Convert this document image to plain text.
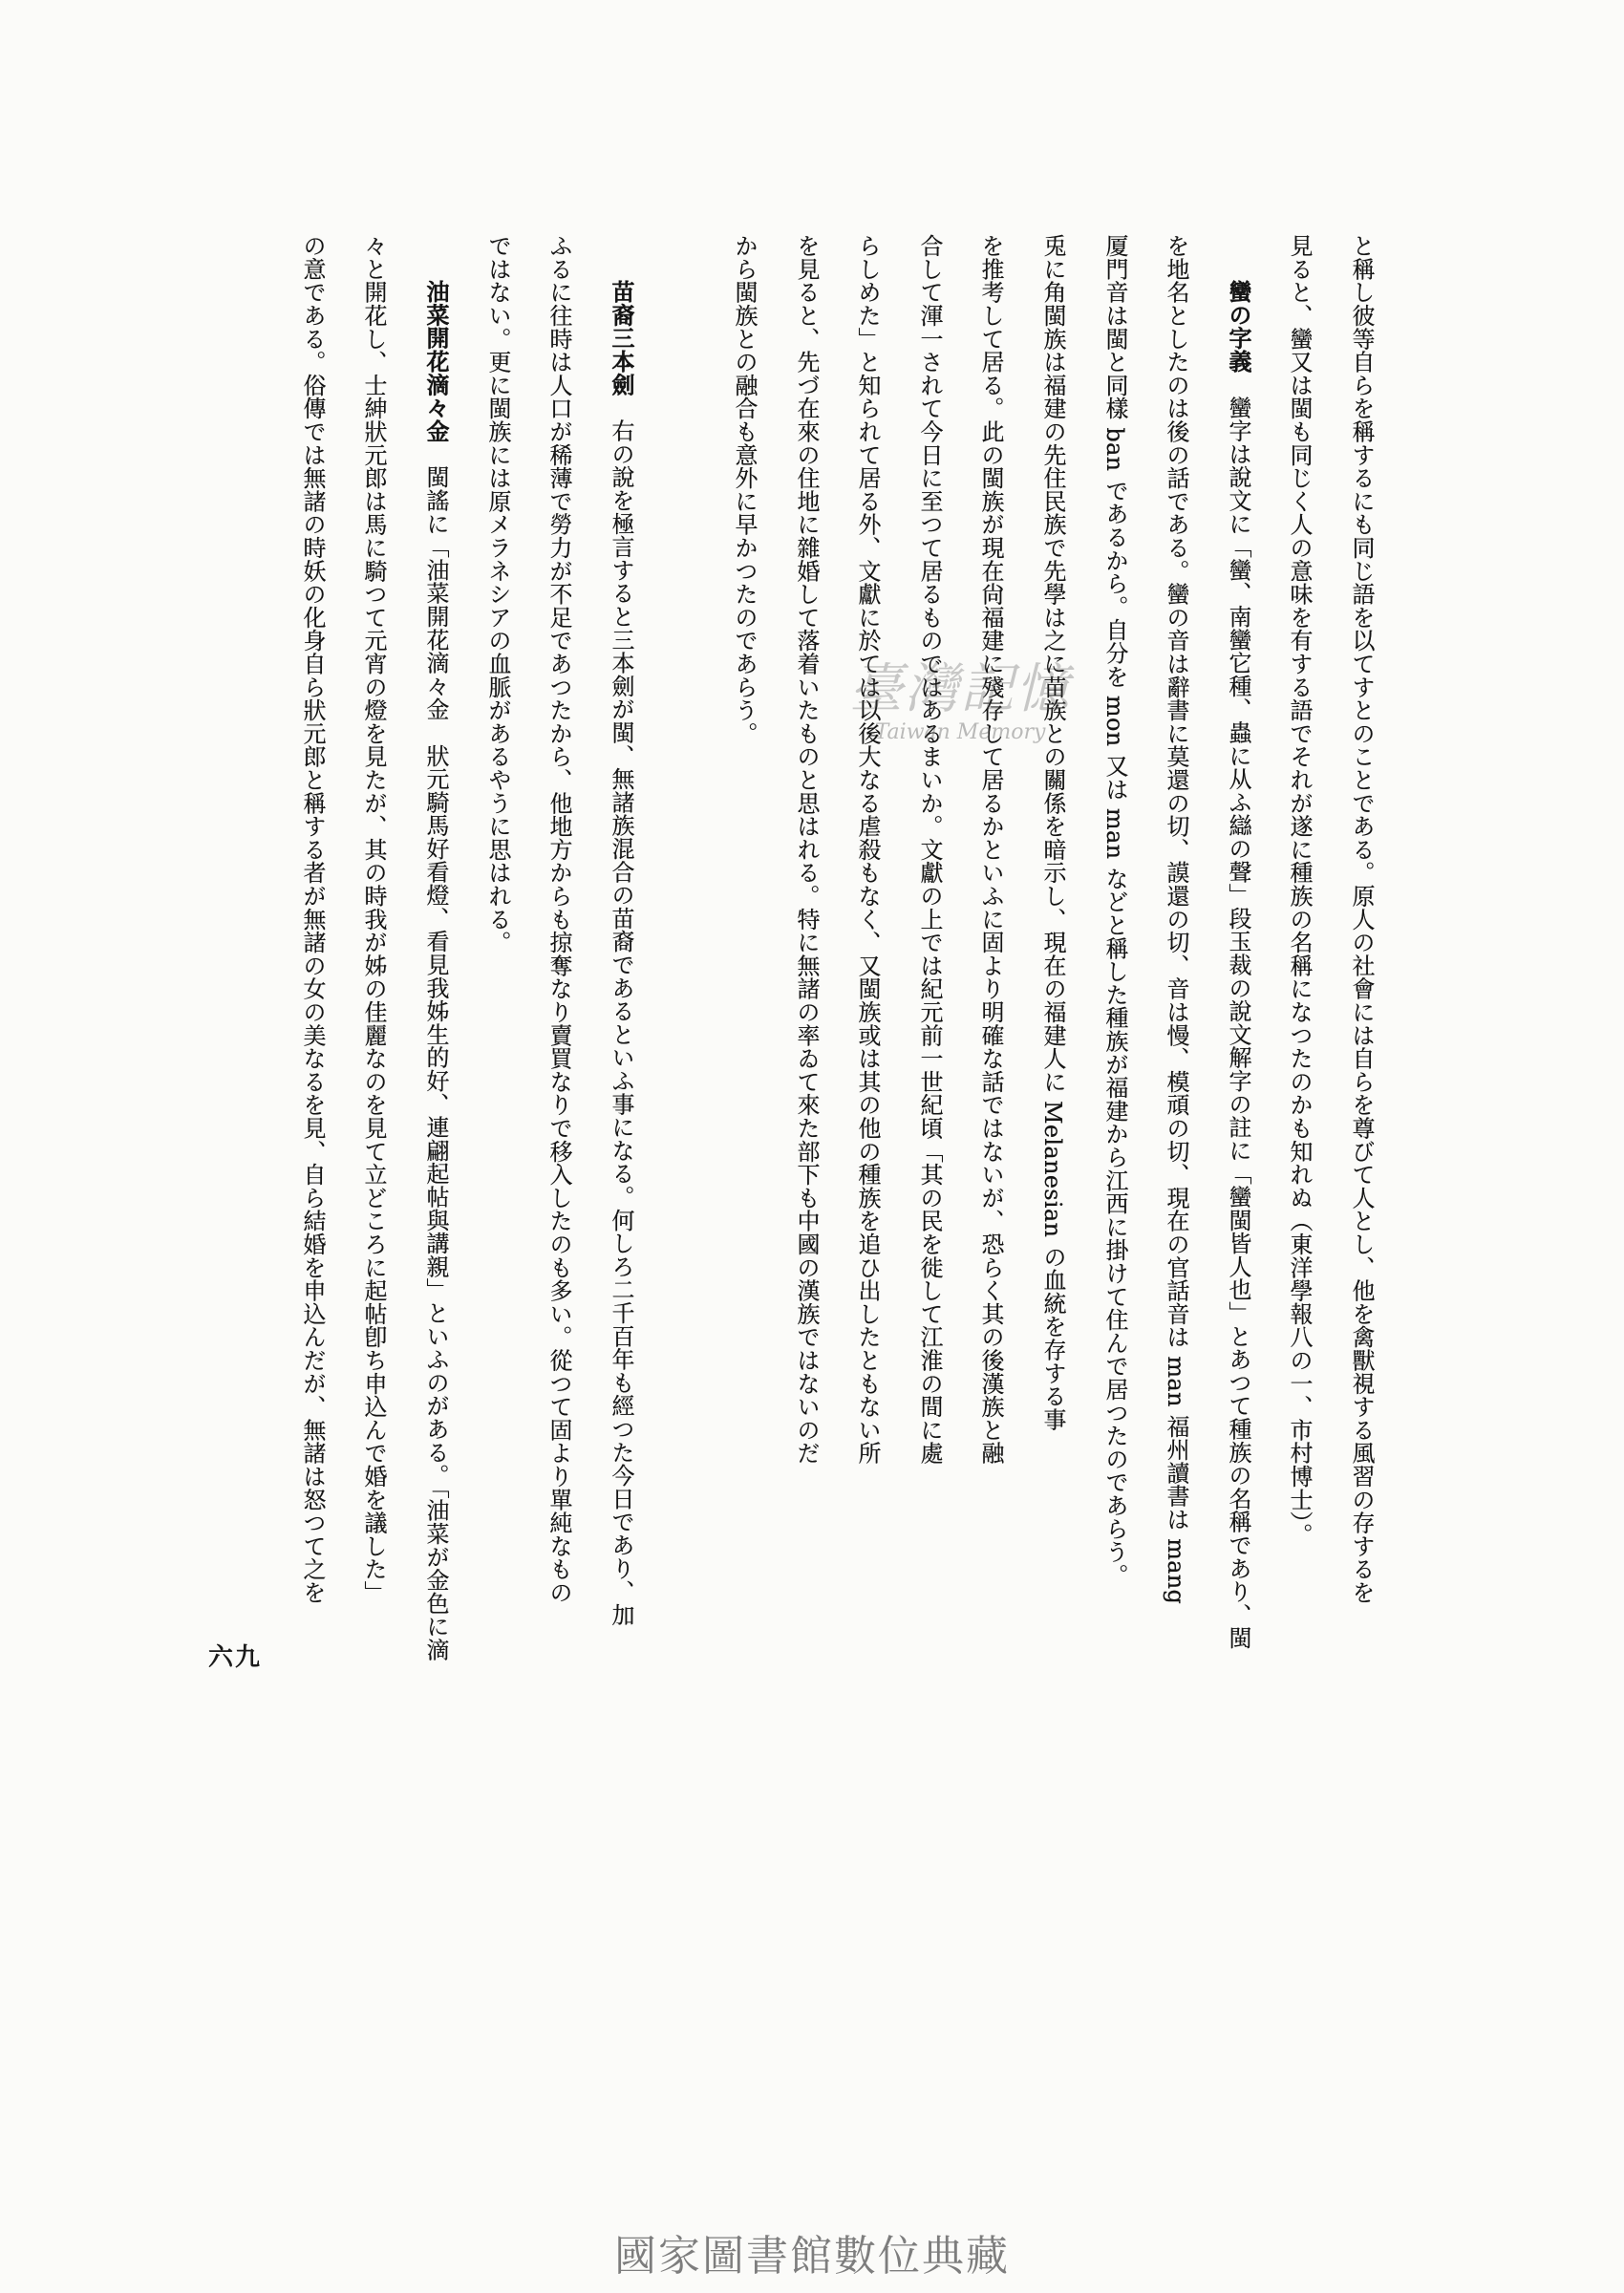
と稱し彼等自らを稱するにも同じ語を以てすとのことである。原人の社會には自らを尊びて人とし、他を禽獸視する風習の存するを
見ると、蠻又は閩も同じく人の意味を有する語でそれが遂に種族の名稱になつたのかも知れぬ（東洋學報八の一、市村博士）。
蠻の字義蠻字は說文に「蠻、南蠻它種、蟲に从ふ䜌の聲」段玉裁の說文解字の註に「蠻閩皆人也」とあつて種族の名稱であり、閩
を地名としたのは後の話である。蠻の音は辭書に莫還の切、謨還の切、音は慢、模頑の切、現在の官話音は man 福州讀書は mang
厦門音は閩と同樣 ban であるから。自分を mon 又は man などと稱した種族が福建から江西に掛けて住んで居つたのであらう。
兎に角閩族は福建の先住民族で先學は之に苗族との關係を暗示し、現在の福建人に Melanesian の血統を存する事
を推考して居る。此の閩族が現在尙福建に殘存して居るかといふに固より明確な話ではないが、恐らく其の後漢族と融
合して渾一されて今日に至つて居るものではあるまいか。文獻の上では紀元前一世紀頃「其の民を徙して江淮の間に處
らしめた」と知られて居る外、文獻に於ては以後大なる虐殺もなく、又閩族或は其の他の種族を追ひ出したともない所
を見ると、先づ在來の住地に雜婚して落着いたものと思はれる。特に無諸の率ゐて來た部下も中國の漢族ではないのだ
から閩族との融合も意外に早かつたのであらう。
苗裔三本劍右の說を極言すると三本劍が閩、無諸族混合の苗裔であるといふ事になる。何しろ二千百年も經つた今日であり、加
ふるに往時は人口が稀薄で勞力が不足であつたから、他地方からも掠奪なり賣買なりで移入したのも多い。從つて固より單純なもの
ではない。更に閩族には原メラネシアの血脈があるやうに思はれる。
油菜開花滴々金閩謠に「油菜開花滴々金　狀元騎馬好看燈、看見我姊生的好、連翩起帖與講親」といふのがある。「油菜が金色に滴
々と開花し、士紳狀元郎は馬に騎つて元宵の燈を見たが、其の時我が姊の佳麗なのを見て立どころに起帖卽ち申込んで婚を議した」
の意である。俗傳では無諸の時妖の化身自ら狀元郎と稱する者が無諸の女の美なるを見、自ら結婚を申込んだが、無諸は怒つて之を
六九
臺灣記憶
Taiwan Memory
國家圖書館數位典藏
